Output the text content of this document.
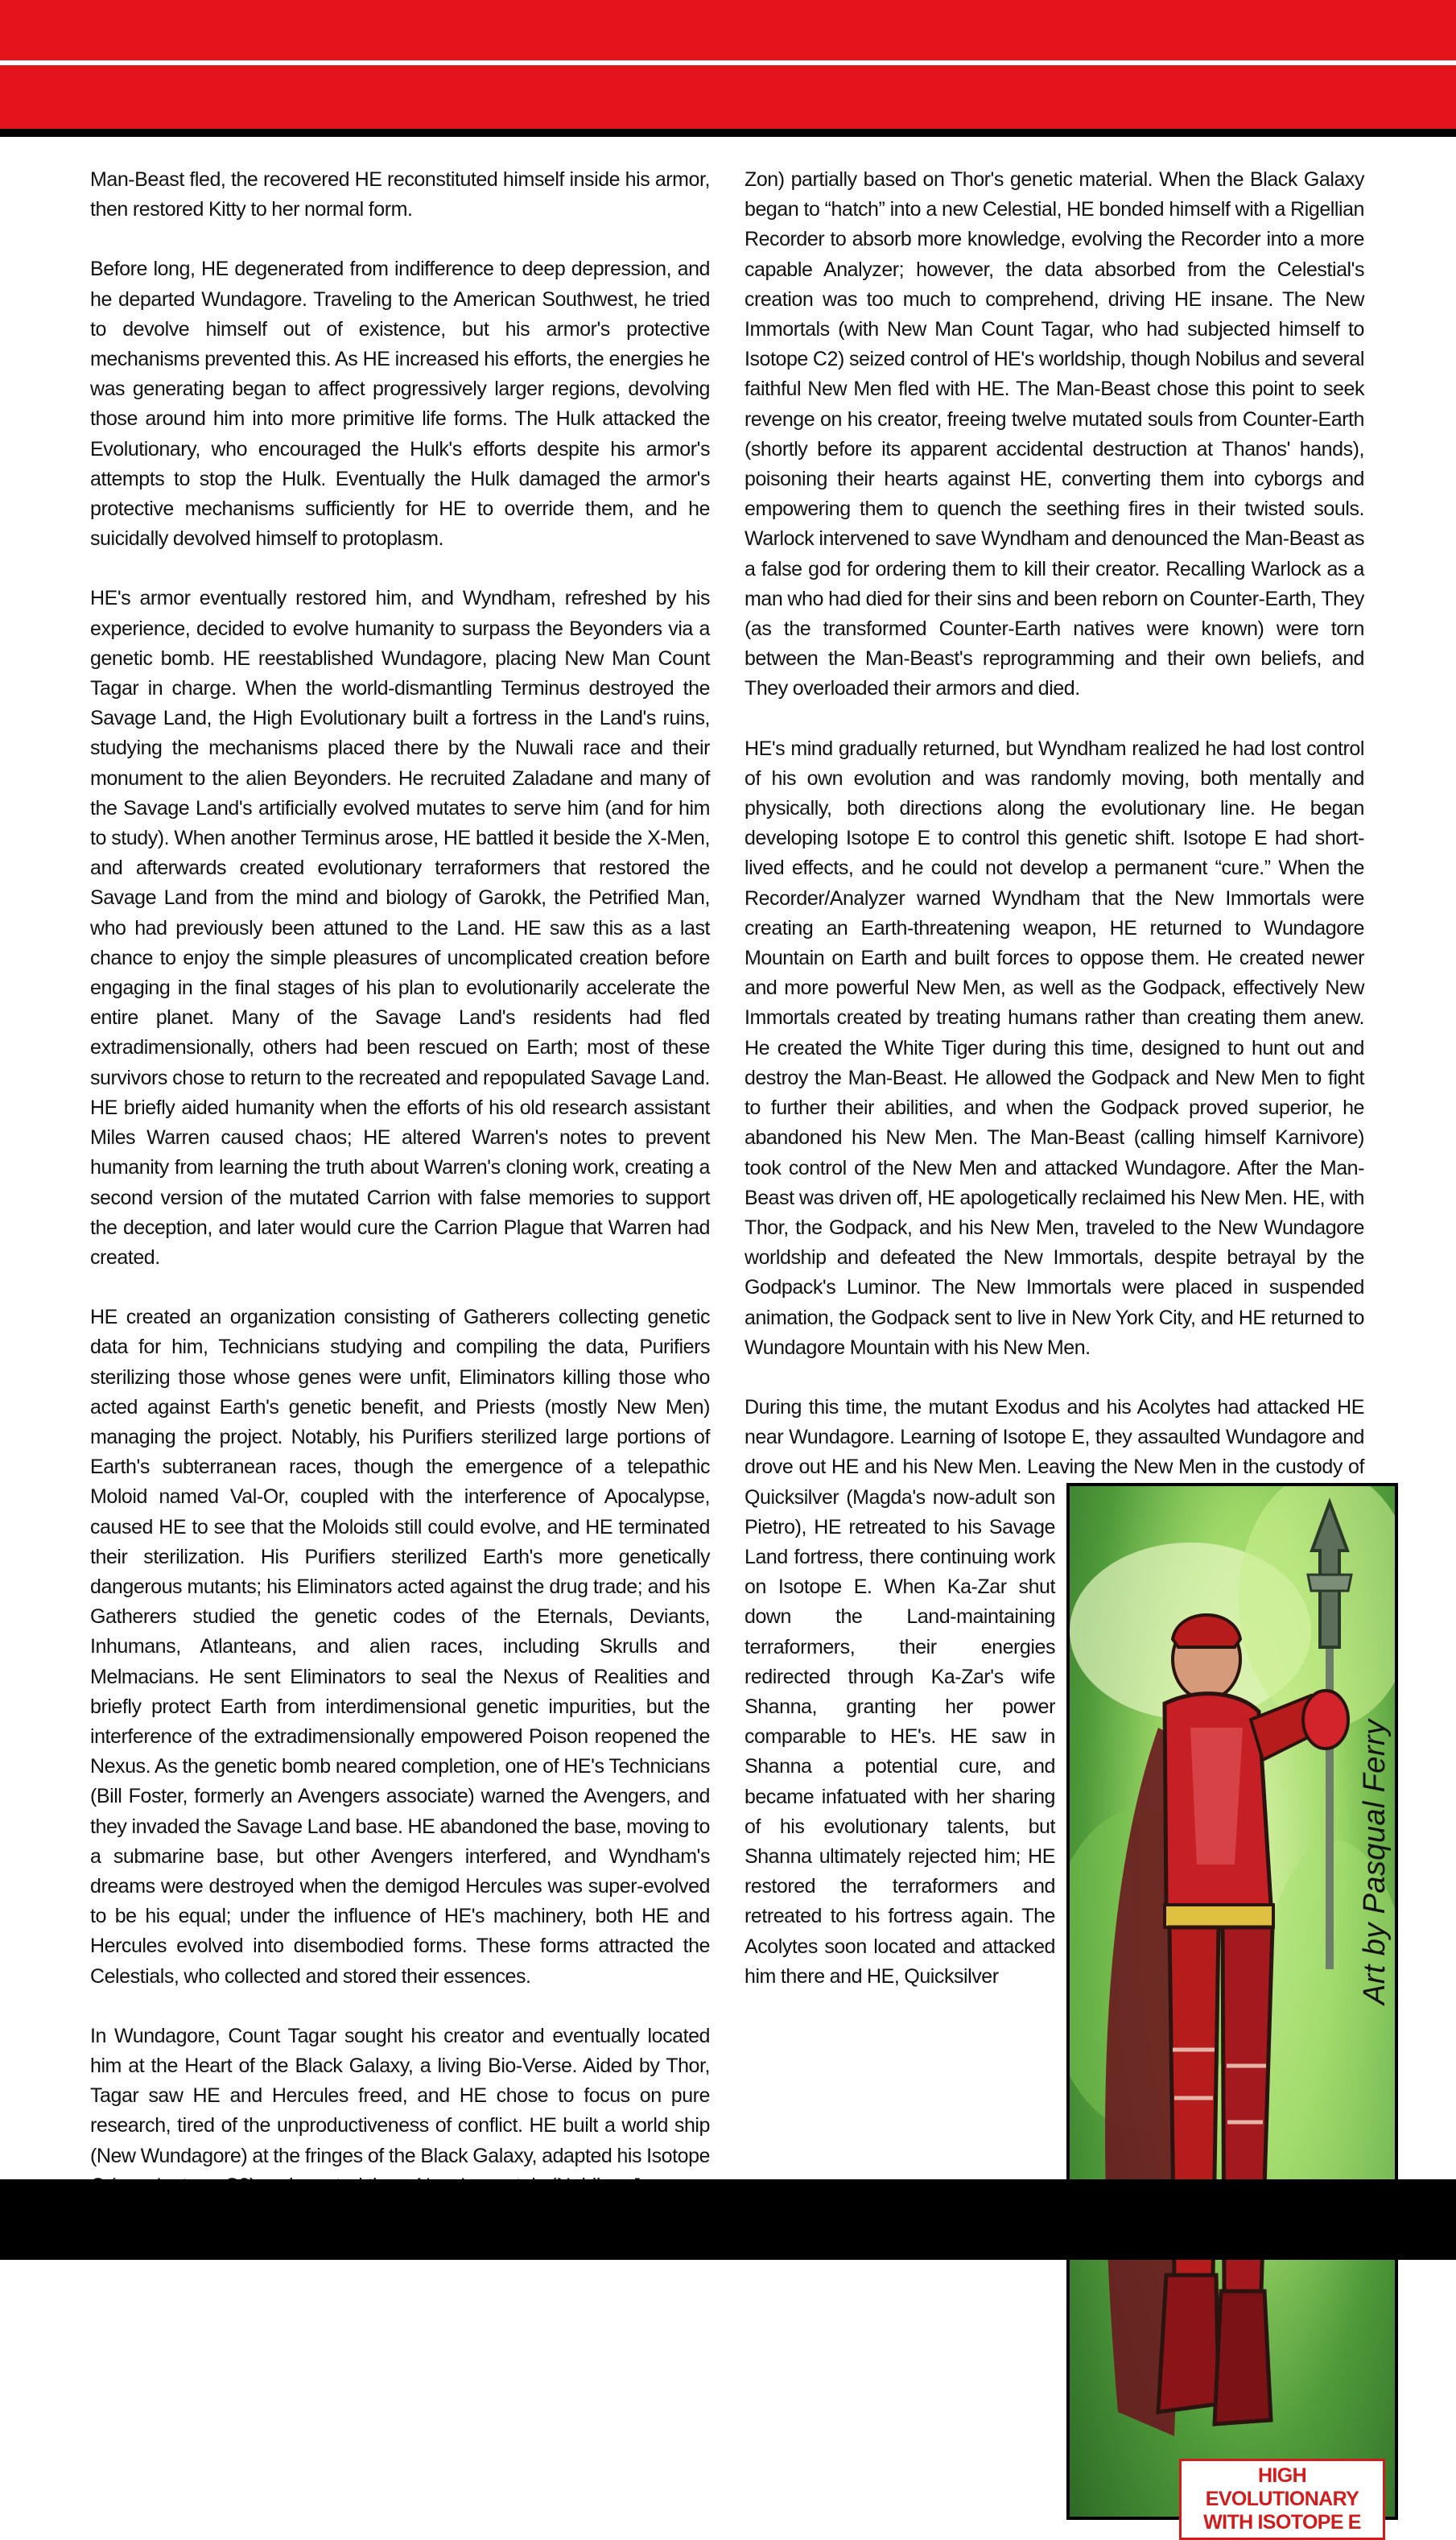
Man-Beast fled, the recovered HE reconstituted himself inside his armor, then restored Kitty to her normal form.

Before long, HE degenerated from indifference to deep depression, and he departed Wundagore. Traveling to the American Southwest, he tried to devolve himself out of existence, but his armor's protective mechanisms prevented this. As HE increased his efforts, the energies he was generating began to affect progressively larger regions, devolving those around him into more primitive life forms. The Hulk attacked the Evolutionary, who encouraged the Hulk's efforts despite his armor's attempts to stop the Hulk. Eventually the Hulk damaged the armor's protective mechanisms sufficiently for HE to override them, and he suicidally devolved himself to protoplasm.

HE's armor eventually restored him, and Wyndham, refreshed by his experience, decided to evolve humanity to surpass the Beyonders via a genetic bomb. HE reestablished Wundagore, placing New Man Count Tagar in charge. When the world-dismantling Terminus destroyed the Savage Land, the High Evolutionary built a fortress in the Land's ruins, studying the mechanisms placed there by the Nuwali race and their monument to the alien Beyonders. He recruited Zaladane and many of the Savage Land's artificially evolved mutates to serve him (and for him to study). When another Terminus arose, HE battled it beside the X-Men, and afterwards created evolutionary terraformers that restored the Savage Land from the mind and biology of Garokk, the Petrified Man, who had previously been attuned to the Land. HE saw this as a last chance to enjoy the simple pleasures of uncomplicated creation before engaging in the final stages of his plan to evolutionarily accelerate the entire planet. Many of the Savage Land's residents had fled extradimensionally, others had been rescued on Earth; most of these survivors chose to return to the recreated and repopulated Savage Land. HE briefly aided humanity when the efforts of his old research assistant Miles Warren caused chaos; HE altered Warren's notes to prevent humanity from learning the truth about Warren's cloning work, creating a second version of the mutated Carrion with false memories to support the deception, and later would cure the Carrion Plague that Warren had created.

HE created an organization consisting of Gatherers collecting genetic data for him, Technicians studying and compiling the data, Purifiers sterilizing those whose genes were unfit, Eliminators killing those who acted against Earth's genetic benefit, and Priests (mostly New Men) managing the project. Notably, his Purifiers sterilized large portions of Earth's subterranean races, though the emergence of a telepathic Moloid named Val-Or, coupled with the interference of Apocalypse, caused HE to see that the Moloids still could evolve, and HE terminated their sterilization. His Purifiers sterilized Earth's more genetically dangerous mutants; his Eliminators acted against the drug trade; and his Gatherers studied the genetic codes of the Eternals, Deviants, Inhumans, Atlanteans, and alien races, including Skrulls and Melmacians. He sent Eliminators to seal the Nexus of Realities and briefly protect Earth from interdimensional genetic impurities, but the interference of the extradimensionally empowered Poison reopened the Nexus. As the genetic bomb neared completion, one of HE's Technicians (Bill Foster, formerly an Avengers associate) warned the Avengers, and they invaded the Savage Land base. HE abandoned the base, moving to a submarine base, but other Avengers interfered, and Wyndham's dreams were destroyed when the demigod Hercules was super-evolved to be his equal; under the influence of HE's machinery, both HE and Hercules evolved into disembodied forms. These forms attracted the Celestials, who collected and stored their essences.

In Wundagore, Count Tagar sought his creator and eventually located him at the Heart of the Black Galaxy, a living Bio-Verse. Aided by Thor, Tagar saw HE and Hercules freed, and HE chose to focus on pure research, tired of the unproductiveness of conflict. HE built a world ship (New Wundagore) at the fringes of the Black Galaxy, adapted his Isotope

Zon) partially based on Thor's genetic material. When the Black Galaxy began to “hatch” into a new Celestial, HE bonded himself with a Rigellian Recorder to absorb more knowledge, evolving the Recorder into a more capable Analyzer; however, the data absorbed from the Celestial's creation was too much to comprehend, driving HE insane. The New Immortals (with New Man Count Tagar, who had subjected himself to Isotope C2) seized control of HE's worldship, though Nobilus and several faithful New Men fled with HE. The Man-Beast chose this point to seek revenge on his creator, freeing twelve mutated souls from Counter-Earth (shortly before its apparent accidental destruction at Thanos' hands), poisoning their hearts against HE, converting them into cyborgs and empowering them to quench the seething fires in their twisted souls. Warlock intervened to save Wyndham and denounced the Man-Beast as a false god for ordering them to kill their creator. Recalling Warlock as a man who had died for their sins and been reborn on Counter-Earth, They (as the transformed Counter-Earth natives were known) were torn between the Man-Beast's reprogramming and their own beliefs, and They overloaded their armors and died.

HE's mind gradually returned, but Wyndham realized he had lost control of his own evolution and was randomly moving, both mentally and physically, both directions along the evolutionary line. He began developing Isotope E to control this genetic shift. Isotope E had short-lived effects, and he could not develop a permanent “cure.” When the Recorder/Analyzer warned Wyndham that the New Immortals were creating an Earth-threatening weapon, HE returned to Wundagore Mountain on Earth and built forces to oppose them. He created newer and more powerful New Men, as well as the Godpack, effectively New Immortals created by treating humans rather than creating them anew. He created the White Tiger during this time, designed to hunt out and destroy the Man-Beast. He allowed the Godpack and New Men to fight to further their abilities, and when the Godpack proved superior, he abandoned his New Men. The Man-Beast (calling himself Karnivore) took control of the New Men and attacked Wundagore. After the Man-Beast was driven off, HE apologetically reclaimed his New Men. HE, with Thor, the Godpack, and his New Men, traveled to the New Wundagore worldship and defeated the New Immortals, despite betrayal by the Godpack's Luminor. The New Immortals were placed in suspended animation, the Godpack sent to live in New York City, and HE returned to Wundagore Mountain with his New Men.

During this time, the mutant Exodus and his Acolytes had attacked HE near Wundagore. Learning of Isotope E, they assaulted Wundagore and drove out HE and his New Men. Leaving the New Men in
HIGH EVOLUTIONARY
WITH ISOTOPE E
the custody of Quicksilver (Magda's now-adult son Pietro), HE retreated to his Savage Land fortress, there continuing work on Isotope E. When Ka-Zar shut down the Land-maintaining terraformers, their energies redirected through Ka-Zar's wife Shanna, granting her power comparable to HE's. HE saw in Shanna a potential cure, and became infatuated with her sharing of his evolutionary talents, but Shanna ultimately rejected him; HE restored the terraformers and retreated to his fortress again. The Acolytes soon located and attacked him there and HE, Quicksilver	Art by Pasqual Ferry
